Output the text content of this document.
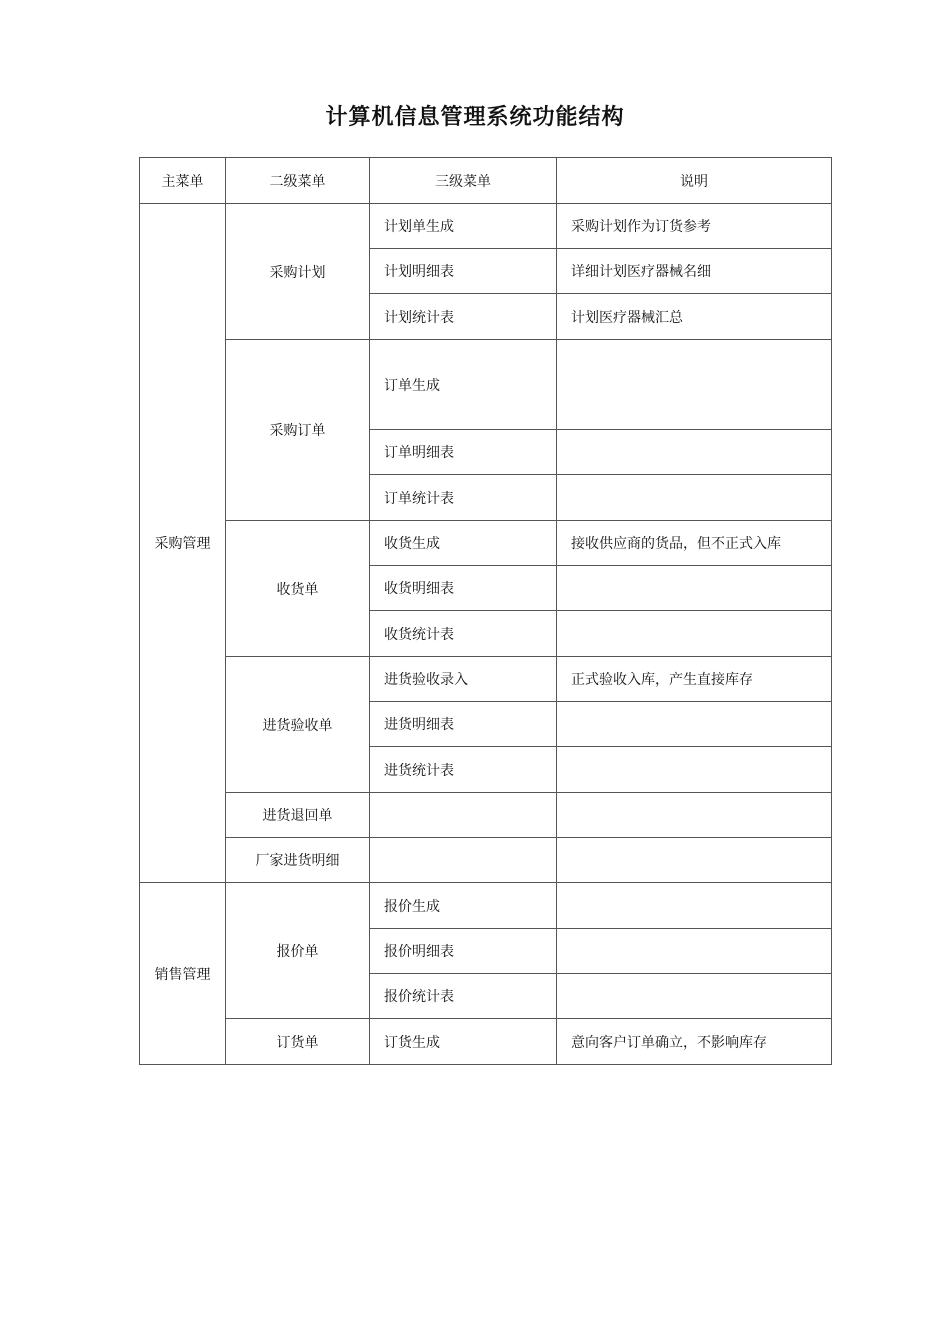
计算机信息管理系统功能结构
主菜单	二级菜单	三级菜单	说明
采购管理	采购计划	计划单生成	采购计划作为订货参考
		计划明细表	详细计划医疗器械名细
		计划统计表	计划医疗器械汇总
	采购订单	订单生成	
		订单明细表	
		订单统计表	
	收货单	收货生成	接收供应商的货品，但不正式入库
		收货明细表	
		收货统计表	
	进货验收单	进货验收录入	正式验收入库，产生直接库存
		进货明细表	
		进货统计表	
	进货退回单		
	厂家进货明细		
销售管理	报价单	报价生成	
		报价明细表	
		报价统计表	
	订货单	订货生成	意向客户订单确立，不影响库存
